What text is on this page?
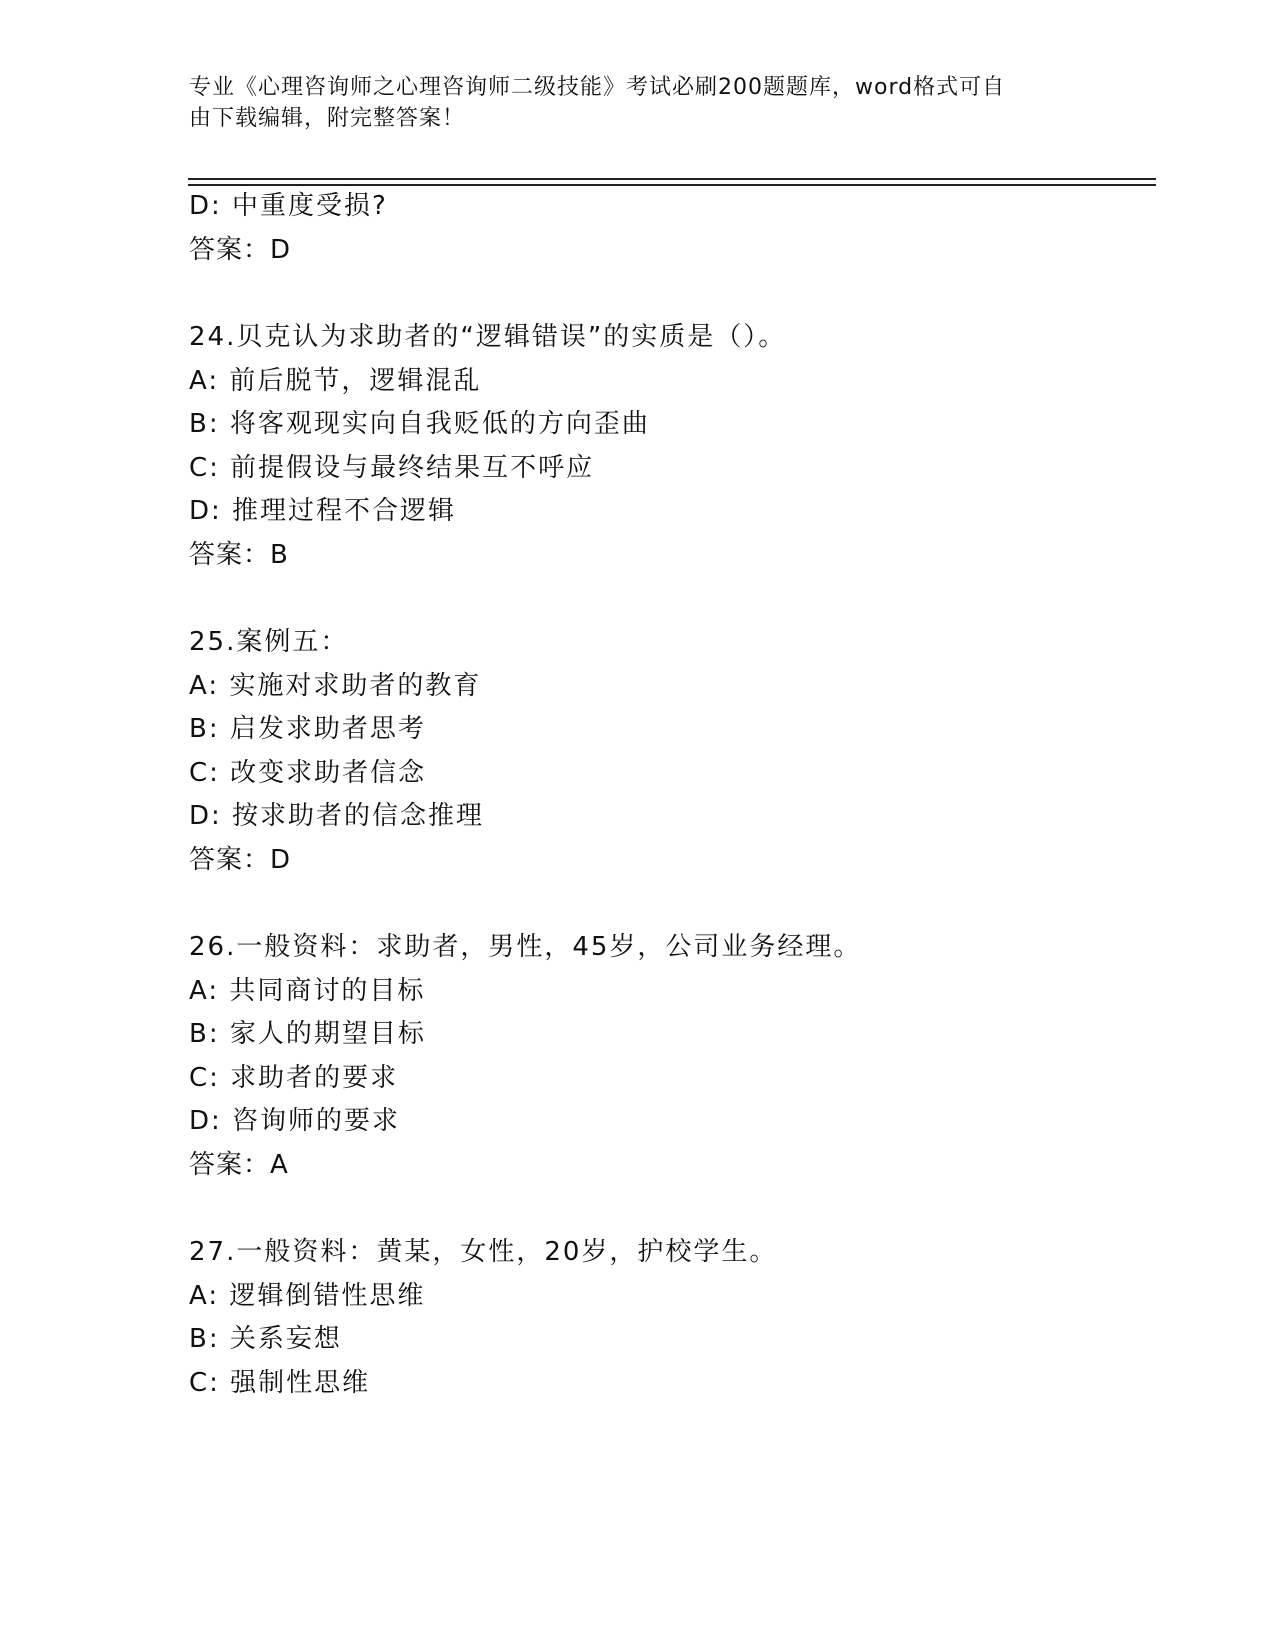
专业《心理咨询师之心理咨询师二级技能》考试必刷200题题库，word格式可自
由下载编辑，附完整答案！
D: 中重度受损?
答案：D
24.贝克认为求助者的“逻辑错误”的实质是（）。
A: 前后脱节，逻辑混乱
B: 将客观现实向自我贬低的方向歪曲
C: 前提假设与最终结果互不呼应
D: 推理过程不合逻辑
答案：B
25.案例五：
A: 实施对求助者的教育
B: 启发求助者思考
C: 改变求助者信念
D: 按求助者的信念推理
答案：D
26.一般资料：求助者，男性，45岁，公司业务经理。
A: 共同商讨的目标
B: 家人的期望目标
C: 求助者的要求
D: 咨询师的要求
答案：A
27.一般资料：黄某，女性，20岁，护校学生。
A: 逻辑倒错性思维
B: 关系妄想
C: 强制性思维
